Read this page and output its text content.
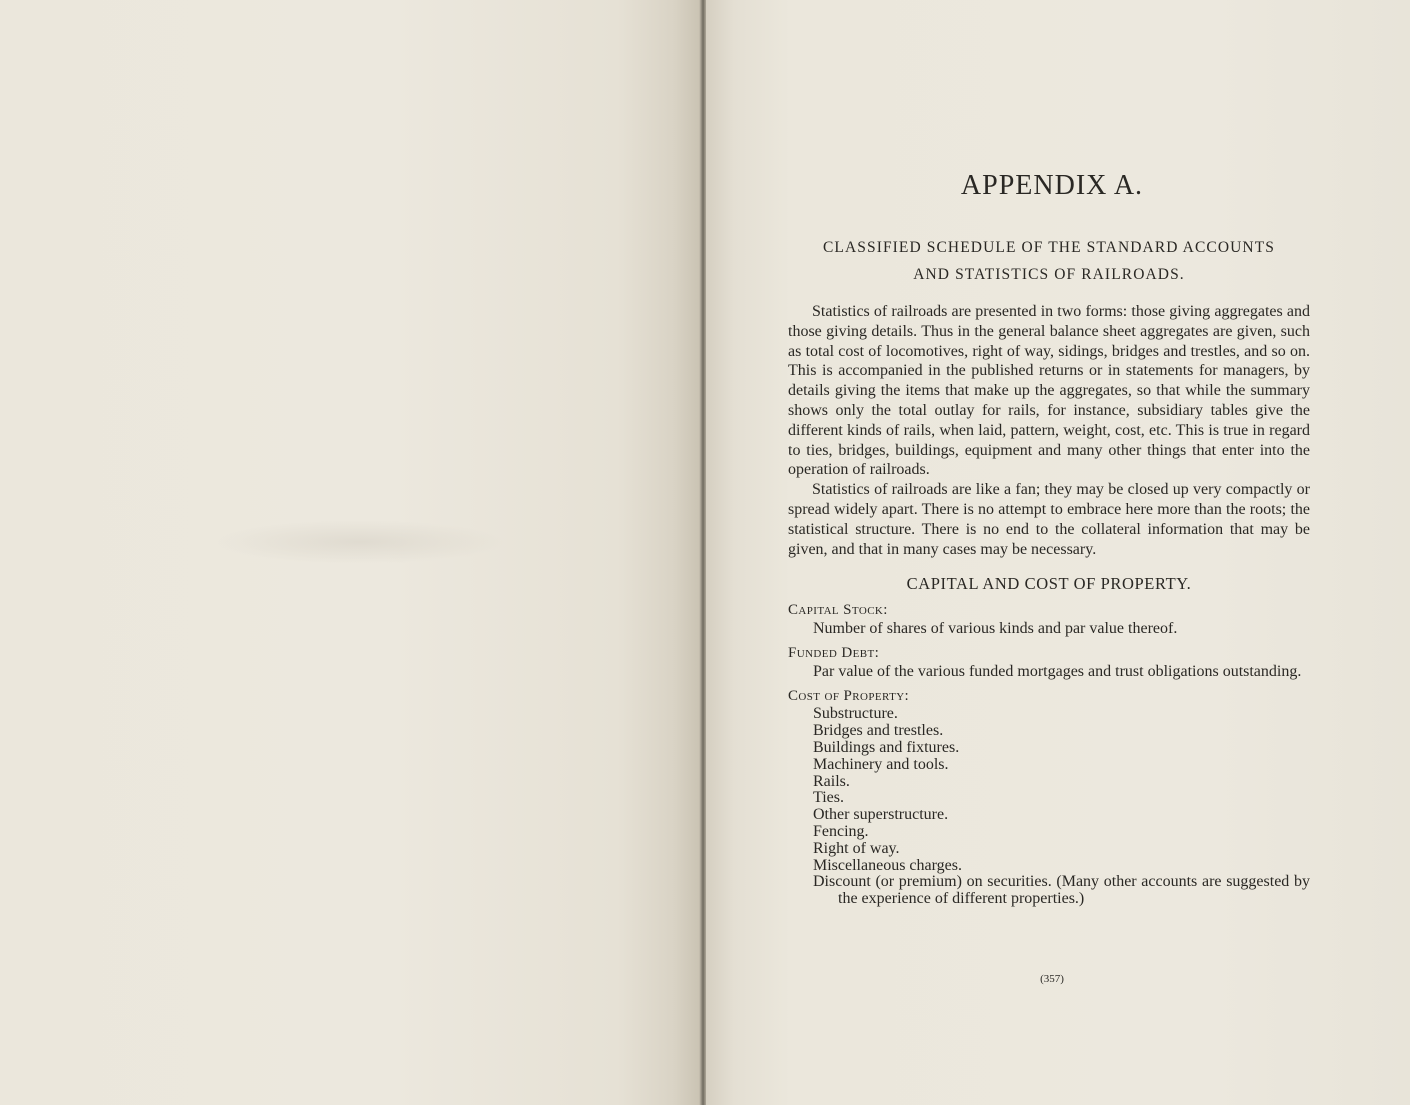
APPENDIX A.
CLASSIFIED SCHEDULE OF THE STANDARD ACCOUNTS
AND STATISTICS OF RAILROADS.

Statistics of railroads are presented in two forms: those giving aggregates and those giving details. Thus in the general balance sheet aggregates are given, such as total cost of locomotives, right of way, sidings, bridges and trestles, and so on. This is accompanied in the published returns or in statements for managers, by details giving the items that make up the aggregates, so that while the summary shows only the total outlay for rails, for instance, subsidiary tables give the different kinds of rails, when laid, pattern, weight, cost, etc. This is true in regard to ties, bridges, buildings, equipment and many other things that enter into the operation of railroads.

Statistics of railroads are like a fan; they may be closed up very compactly or spread widely apart. There is no attempt to embrace here more than the roots; the statistical structure. There is no end to the collateral information that may be given, and that in many cases may be necessary.

CAPITAL AND COST OF PROPERTY.

Capital Stock:

Number of shares of various kinds and par value thereof.

Funded Debt:

Par value of the various funded mortgages and trust obligations outstanding.

Cost of Property:

Substructure.

Bridges and trestles.

Buildings and fixtures.

Machinery and tools.

Rails.

Ties.

Other superstructure.

Fencing.

Right of way.

Miscellaneous charges.

Discount (or premium) on securities. (Many other accounts are suggested by the experience of different properties.)

(357)
